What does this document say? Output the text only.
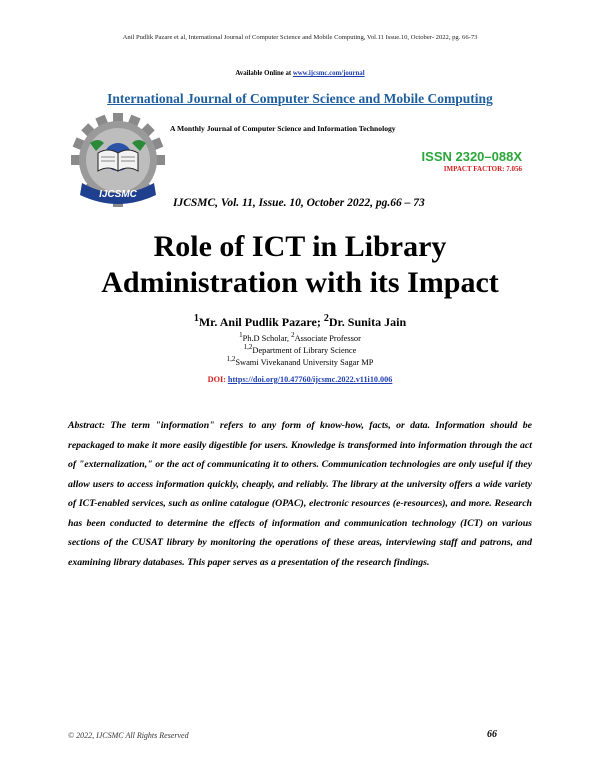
Anil Pudlik Pazare et al, International Journal of Computer Science and Mobile Computing, Vol.11 Issue.10, October- 2022, pg. 66-73
Available Online at www.ijcsmc.com/journal
International Journal of Computer Science and Mobile Computing
IJCSMC
A Monthly Journal of Computer Science and Information Technology
ISSN 2320–088X
IMPACT FACTOR: 7.056
IJCSMC, Vol. 11, Issue. 10, October 2022, pg.66 – 73
Role of ICT in Library
Administration with its Impact
$^1$Mr. Anil Pudlik Pazare; $^2$Dr. Sunita Jain
$^1$Ph.D Scholar, $^2$Associate Professor
$^{1,2}$Department of Library Science
$^{1,2}$Swami Vivekanand University Sagar MP
DOI: https://doi.org/10.47760/ijcsmc.2022.v11i10.006
Abstract: The term "information" refers to any form of know-how, facts, or data. Information should be repackaged to make it more easily digestible for users. Knowledge is transformed into information through the act of "externalization," or the act of communicating it to others. Communication technologies are only useful if they allow users to access information quickly, cheaply, and reliably. The library at the university offers a wide variety of ICT-enabled services, such as online catalogue (OPAC), electronic resources (e-resources), and more. Research has been conducted to determine the effects of information and communication technology (ICT) on various sections of the CUSAT library by monitoring the operations of these areas, interviewing staff and patrons, and examining library databases. This paper serves as a presentation of the research findings.
© 2022, IJCSMC All Rights Reserved	66
